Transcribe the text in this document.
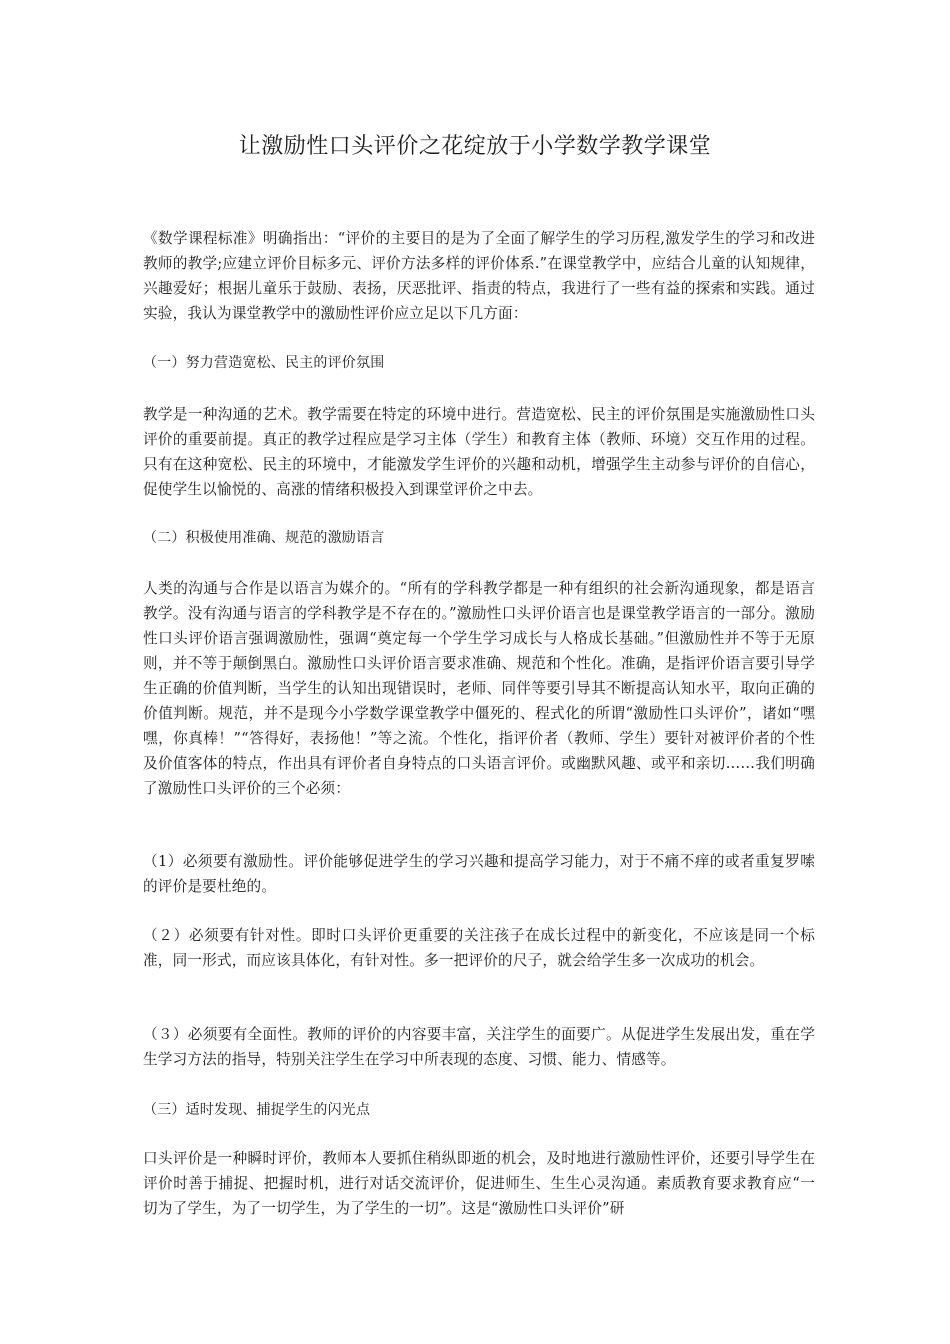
让激励性口头评价之花绽放于小学数学教学课堂

《数学课程标准》明确指出：“评价的主要目的是为了全面了解学生的学习历程,激发学生的学习和改进教师的教学;应建立评价目标多元、评价方法多样的评价体系.”在课堂教学中，应结合儿童的认知规律，兴趣爱好；根据儿童乐于鼓励、表扬，厌恶批评、指责的特点，我进行了一些有益的探索和实践。通过实验，我认为课堂教学中的激励性评价应立足以下几方面：

（一）努力营造宽松、民主的评价氛围

教学是一种沟通的艺术。教学需要在特定的环境中进行。营造宽松、民主的评价氛围是实施激励性口头评价的重要前提。真正的教学过程应是学习主体（学生）和教育主体（教师、环境）交互作用的过程。只有在这种宽松、民主的环境中，才能激发学生评价的兴趣和动机，增强学生主动参与评价的自信心，促使学生以愉悦的、高涨的情绪积极投入到课堂评价之中去。

（二）积极使用准确、规范的激励语言

人类的沟通与合作是以语言为媒介的。“所有的学科教学都是一种有组织的社会新沟通现象，都是语言教学。没有沟通与语言的学科教学是不存在的。”激励性口头评价语言也是课堂教学语言的一部分。激励性口头评价语言强调激励性，强调“奠定每一个学生学习成长与人格成长基础。”但激励性并不等于无原则，并不等于颠倒黑白。激励性口头评价语言要求准确、规范和个性化。准确，是指评价语言要引导学生正确的价值判断，当学生的认知出现错误时，老师、同伴等要引导其不断提高认知水平，取向正确的价值判断。规范，并不是现今小学数学课堂教学中僵死的、程式化的所谓“激励性口头评价”，诸如“嘿嘿，你真棒！”“答得好，表扬他！”等之流。个性化，指评价者（教师、学生）要针对被评价者的个性及价值客体的特点，作出具有评价者自身特点的口头语言评价。或幽默风趣、或平和亲切……我们明确了激励性口头评价的三个必须：

（1）必须要有激励性。评价能够促进学生的学习兴趣和提高学习能力，对于不痛不痒的或者重复罗嗦的评价是要杜绝的。

（２）必须要有针对性。即时口头评价更重要的关注孩子在成长过程中的新变化，不应该是同一个标准，同一形式，而应该具体化，有针对性。多一把评价的尺子，就会给学生多一次成功的机会。

（３）必须要有全面性。教师的评价的内容要丰富，关注学生的面要广。从促进学生发展出发，重在学生学习方法的指导，特别关注学生在学习中所表现的态度、习惯、能力、情感等。

（三）适时发现、捕捉学生的闪光点

口头评价是一种瞬时评价，教师本人要抓住稍纵即逝的机会，及时地进行激励性评价，还要引导学生在评价时善于捕捉、把握时机，进行对话交流评价，促进师生、生生心灵沟通。素质教育要求教育应“一切为了学生，为了一切学生，为了学生的一切”。这是“激励性口头评价”研
